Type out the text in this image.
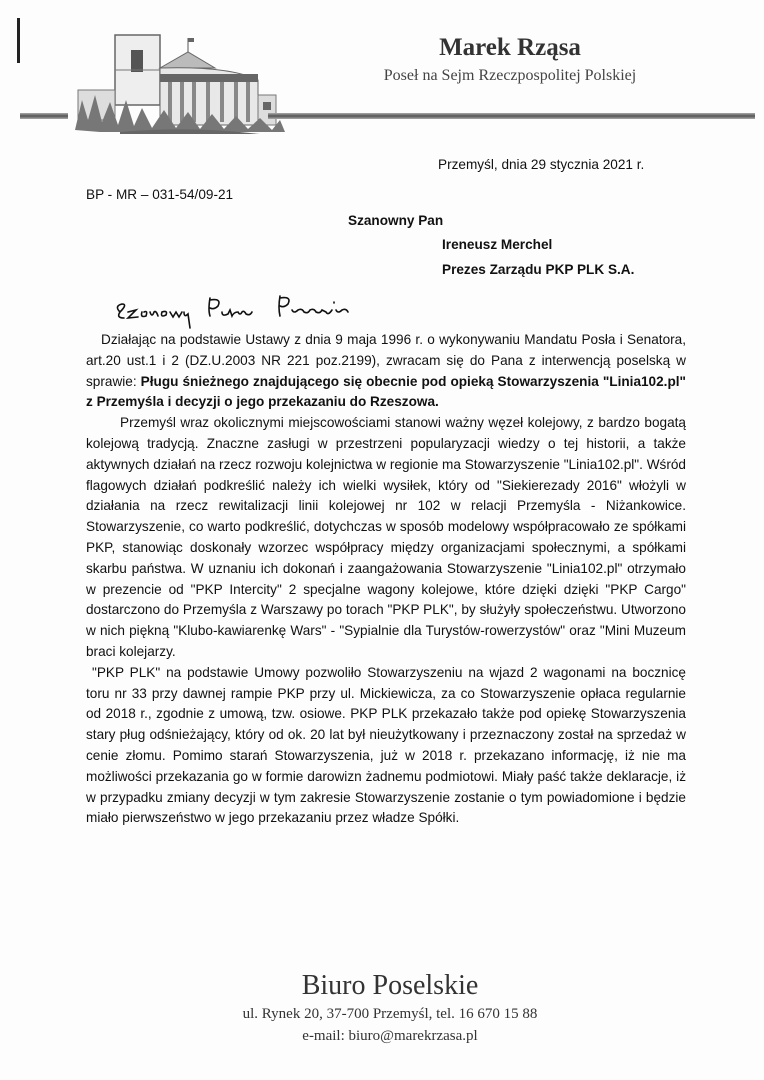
Marek Rząsa
Poseł na Sejm Rzeczpospolitej Polskiej
Przemyśl, dnia 29 stycznia 2021 r.
BP - MR – 031-54/09-21
Szanowny Pan
Ireneusz Merchel
Prezes Zarządu PKP PLK S.A.

Działając na podstawie Ustawy z dnia 9 maja 1996 r. o wykonywaniu Mandatu Posła i Senatora, art.20 ust.1 i 2 (DZ.U.2003 NR 221 poz.2199), zwracam się do Pana z interwencją poselską w sprawie: Pługu śnieżnego znajdującego się obecnie pod opieką Stowarzyszenia "Linia102.pl" z Przemyśla i decyzji o jego przekazaniu do Rzeszowa.

Przemyśl wraz okolicznymi miejscowościami stanowi ważny węzeł kolejowy, z bardzo bogatą kolejową tradycją. Znaczne zasługi w przestrzeni popularyzacji wiedzy o tej historii, a także aktywnych działań na rzecz rozwoju kolejnictwa w regionie ma Stowarzyszenie "Linia102.pl". Wśród flagowych działań podkreślić należy ich wielki wysiłek, który od "Siekierezady 2016" włożyli w działania na rzecz rewitalizacji linii kolejowej nr 102 w relacji Przemyśla - Niżankowice. Stowarzyszenie, co warto podkreślić, dotychczas w sposób modelowy współpracowało ze spółkami PKP, stanowiąc doskonały wzorzec współpracy między organizacjami społecznymi, a spółkami skarbu państwa. W uznaniu ich dokonań i zaangażowania Stowarzyszenie "Linia102.pl" otrzymało w prezencie od "PKP Intercity" 2 specjalne wagony kolejowe, które dzięki dzięki "PKP Cargo" dostarczono do Przemyśla z Warszawy po torach "PKP PLK", by służyły społeczeństwu. Utworzono w nich piękną "Klubo-kawiarenkę Wars" - "Sypialnie dla Turystów-rowerzystów" oraz "Mini Muzeum braci kolejarzy.

"PKP PLK" na podstawie Umowy pozwoliło Stowarzyszeniu na wjazd 2 wagonami na bocznicę toru nr 33 przy dawnej rampie PKP przy ul. Mickiewicza, za co Stowarzyszenie opłaca regularnie od 2018 r., zgodnie z umową, tzw. osiowe. PKP PLK przekazało także pod opiekę Stowarzyszenia stary pług odśnieżający, który od ok. 20 lat był nieużytkowany i przeznaczony został na sprzedaż w cenie złomu. Pomimo starań Stowarzyszenia, już w 2018 r. przekazano informację, iż nie ma możliwości przekazania go w formie darowizn żadnemu podmiotowi. Miały paść także deklaracje, iż w przypadku zmiany decyzji w tym zakresie Stowarzyszenie zostanie o tym powiadomione i będzie miało pierwszeństwo w jego przekazaniu przez władze Spółki.

Biuro Poselskie
ul. Rynek 20, 37-700 Przemyśl, tel. 16 670 15 88
e-mail: biuro@marekrzasa.pl
